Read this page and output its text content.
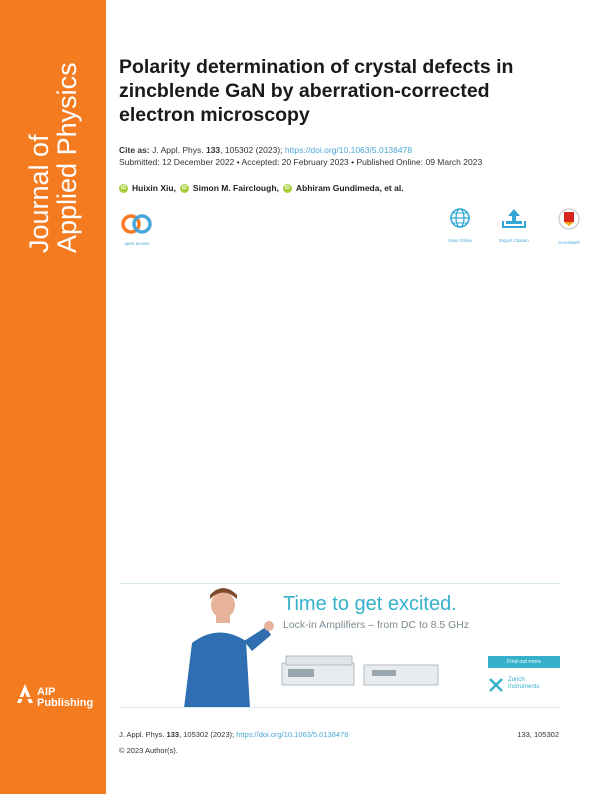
Journal of
Applied Physics
AIP
Publishing
Polarity determination of crystal defects in zincblende GaN by aberration-corrected electron microscopy
Cite as: J. Appl. Phys. 133, 105302 (2023); https://doi.org/10.1063/5.0138478
Submitted: 12 December 2022 • Accepted: 20 February 2023 • Published Online: 09 March 2023
iD Huixin Xiu,	iD Simon M. Fairclough,	iD Abhiram Gundimeda, et al.
open access
View Online	Export Citation	CrossMark
Time to get excited.
Lock-in Amplifiers – from DC to 8.5 GHz
Find out more
Zurich
Instruments
J. Appl. Phys. 133, 105302 (2023); https://doi.org/10.1063/5.0138478	133, 105302
© 2023 Author(s).
